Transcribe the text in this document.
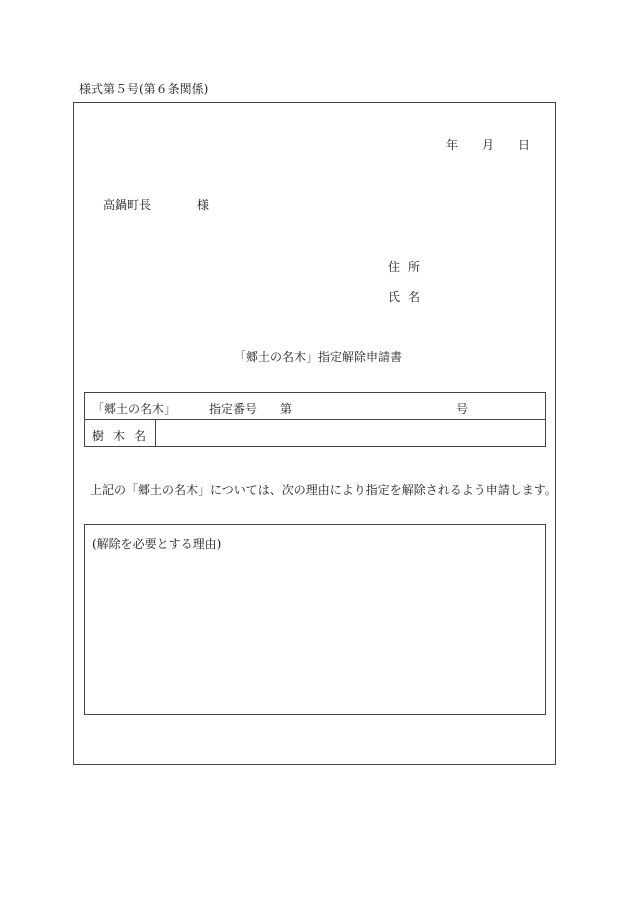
様式第５号(第６条関係)
年 月 日
高鍋町長	様
住所
氏名
「郷土の名木」指定解除申請書
「郷土の名木」	指定番号 第	号
樹木名
上記の「郷土の名木」については、次の理由により指定を解除されるよう申請します。
(解除を必要とする理由)
